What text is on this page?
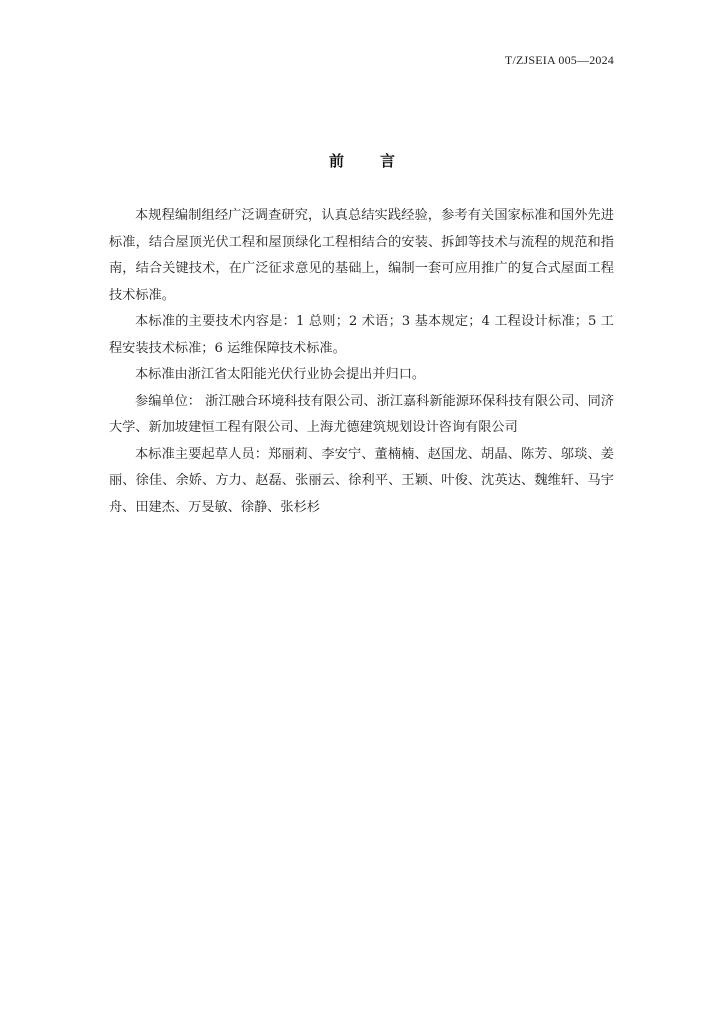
T/ZJSEIA 005—2024
前 言

本规程编制组经广泛调查研究，认真总结实践经验，参考有关国家标准和国外先进标准，结合屋顶光伏工程和屋顶绿化工程相结合的安装、拆卸等技术与流程的规范和指南，结合关键技术，在广泛征求意见的基础上，编制一套可应用推广的复合式屋面工程技术标准。

本标准的主要技术内容是：1 总则；2 术语；3 基本规定；4 工程设计标准；5 工程安装技术标准；6 运维保障技术标准。

本标准由浙江省太阳能光伏行业协会提出并归口。

参编单位： 浙江融合环境科技有限公司、浙江嘉科新能源环保科技有限公司、同济大学、新加坡建恒工程有限公司、上海尤德建筑规划设计咨询有限公司

本标准主要起草人员：郑丽莉、李安宁、董楠楠、赵国龙、胡晶、陈芳、邬琰、姜丽、徐佳、余娇、方力、赵磊、张丽云、徐利平、王颖、叶俊、沈英达、魏维轩、马宇舟、田建杰、万旻敏、徐静、张杉杉
